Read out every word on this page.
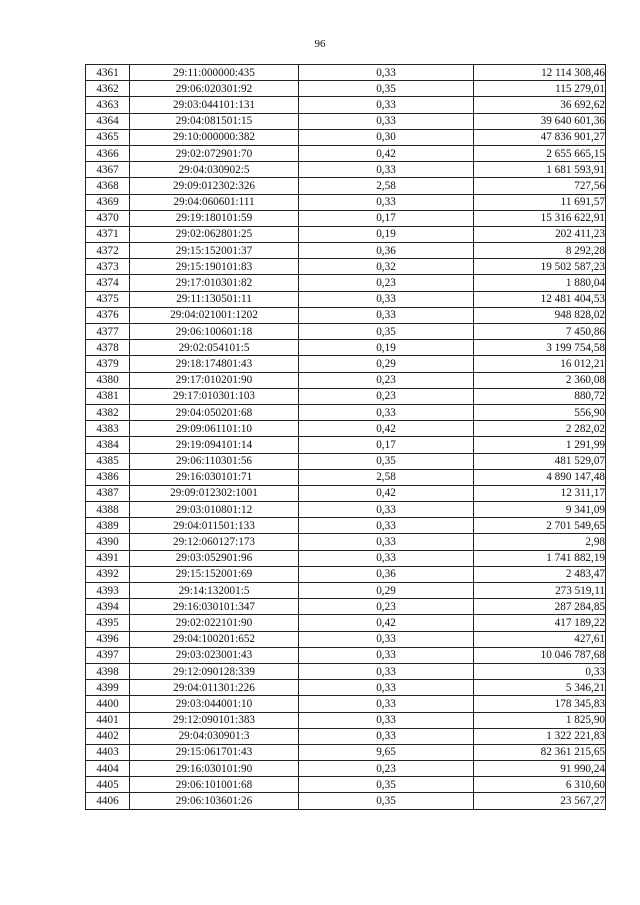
96
4361	29:11:000000:435	0,33	12 114 308,46
4362	29:06:020301:92	0,35	115 279,01
4363	29:03:044101:131	0,33	36 692,62
4364	29:04:081501:15	0,33	39 640 601,36
4365	29:10:000000:382	0,30	47 836 901,27
4366	29:02:072901:70	0,42	2 655 665,15
4367	29:04:030902:5	0,33	1 681 593,91
4368	29:09:012302:326	2,58	727,56
4369	29:04:060601:111	0,33	11 691,57
4370	29:19:180101:59	0,17	15 316 622,91
4371	29:02:062801:25	0,19	202 411,23
4372	29:15:152001:37	0,36	8 292,28
4373	29:15:190101:83	0,32	19 502 587,23
4374	29:17:010301:82	0,23	1 880,04
4375	29:11:130501:11	0,33	12 481 404,53
4376	29:04:021001:1202	0,33	948 828,02
4377	29:06:100601:18	0,35	7 450,86
4378	29:02:054101:5	0,19	3 199 754,58
4379	29:18:174801:43	0,29	16 012,21
4380	29:17:010201:90	0,23	2 360,08
4381	29:17:010301:103	0,23	880,72
4382	29:04:050201:68	0,33	556,90
4383	29:09:061101:10	0,42	2 282,02
4384	29:19:094101:14	0,17	1 291,99
4385	29:06:110301:56	0,35	481 529,07
4386	29:16:030101:71	2,58	4 890 147,48
4387	29:09:012302:1001	0,42	12 311,17
4388	29:03:010801:12	0,33	9 341,09
4389	29:04:011501:133	0,33	2 701 549,65
4390	29:12:060127:173	0,33	2,98
4391	29:03:052901:96	0,33	1 741 882,19
4392	29:15:152001:69	0,36	2 483,47
4393	29:14:132001:5	0,29	273 519,11
4394	29:16:030101:347	0,23	287 284,85
4395	29:02:022101:90	0,42	417 189,22
4396	29:04:100201:652	0,33	427,61
4397	29:03:023001:43	0,33	10 046 787,68
4398	29:12:090128:339	0,33	0,33
4399	29:04:011301:226	0,33	5 346,21
4400	29:03:044001:10	0,33	178 345,83
4401	29:12:090101:383	0,33	1 825,90
4402	29:04:030901:3	0,33	1 322 221,83
4403	29:15:061701:43	9,65	82 361 215,65
4404	29:16:030101:90	0,23	91 990,24
4405	29:06:101001:68	0,35	6 310,60
4406	29:06:103601:26	0,35	23 567,27
